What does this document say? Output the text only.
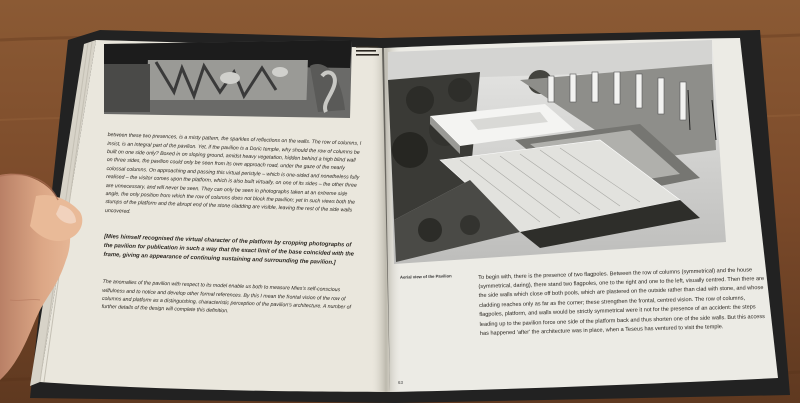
between these two presences, is a misty pattern, the sparkles of reflections on the walls. The row of columns, I insist, is an integral part of the pavilion. Yet, if the pavilion is a Doric temple, why should the row of columns be built on one side only? Boxed in on sloping ground, amidst heavy vegetation, hidden behind a high blind wall on three sides, the pavilion could only be seen from its own approach road, under the gaze of the nearly colossal columns. On approaching and passing this virtual peristyle – which is one-sided and nonetheless fully realised – the visitor comes upon the platform, which is also built virtually, on one of its sides – the other three are unnecessary, and will never be seen. They can only be seen in photographs taken at an extreme side angle, the only position from which the row of columns does not block the pavilion; yet in such views both the stumps of the platform and the abrupt end of the stone cladding are visible, leaving the rest of the side walls uncovered.

[Mies himself recognised the virtual character of the platform by cropping photographs of the pavilion for publication in such a way that the exact limit of the base coincided with the frame, giving an appearance of continuing sustaining and surrounding the pavilion.]

The anomalies of the pavilion with respect to its model enable us both to measure Mies's self-conscious wilfulness and to notice and develop other formal references. By this I mean the frontal vision of the row of columns and platform as a distinguishing, characteristic perception of the pavilion's architecture. A number of further details of the design will complete this definition.

Aerial view of the Pavilion	To begin with, there is the presence of two flagpoles. Between the row of columns (symmetrical) and the house (symmetrical, daring), there stand two flagpoles, one to the right and one to the left, visually centred. Then there are the side walls which close off both pools, which are plastered on the outside rather than clad with stone, and whose cladding reaches only as far as the corner; these strengthen the frontal, centred vision. The row of columns, flagpoles, platform, and walls would be strictly symmetrical were it not for the presence of an accident: the steps leading up to the pavilion force one side of the platform back and thus shorten one of the side walls. But this access has happened 'after' the architecture was in place, when a Teseus has ventured to visit the temple.

63
